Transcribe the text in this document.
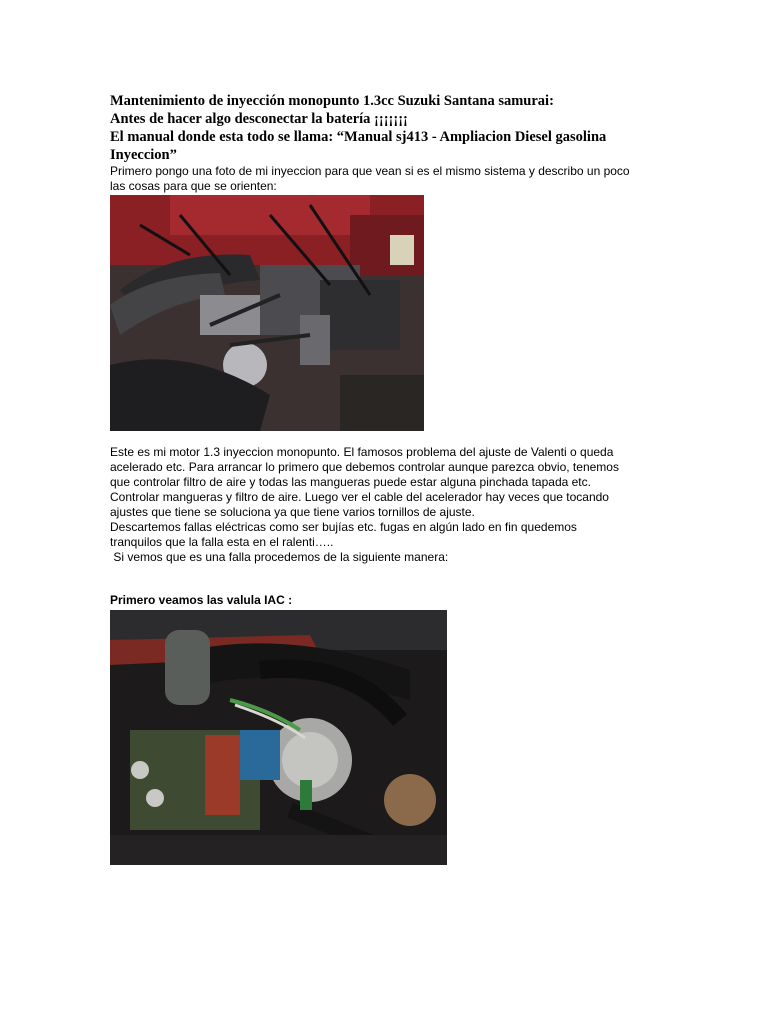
Mantenimiento de inyección monopunto 1.3cc Suzuki Santana samurai:

Antes de hacer algo desconectar la batería ¡¡¡¡¡¡¡

El manual donde esta todo se llama: “Manual sj413 - Ampliacion Diesel gasolina

Inyeccion”

Primero pongo una foto de mi inyeccion para que vean si es el mismo sistema y describo un poco

las cosas para que se orienten:

Este es mi motor 1.3 inyeccion monopunto. El famosos problema del ajuste de Valenti o queda

acelerado etc. Para arrancar lo primero que debemos controlar aunque parezca obvio, tenemos

que controlar filtro de aire y todas las mangueras puede estar alguna pinchada tapada etc.

Controlar mangueras y filtro de aire. Luego ver el cable del acelerador hay veces que tocando

ajustes que tiene se soluciona ya que tiene varios tornillos de ajuste.

Descartemos fallas eléctricas como ser bujías etc. fugas en algún lado en fin quedemos

tranquilos que la falla esta en el ralenti…..

Si vemos que es una falla procedemos de la siguiente manera:

Primero veamos las valula IAC :
